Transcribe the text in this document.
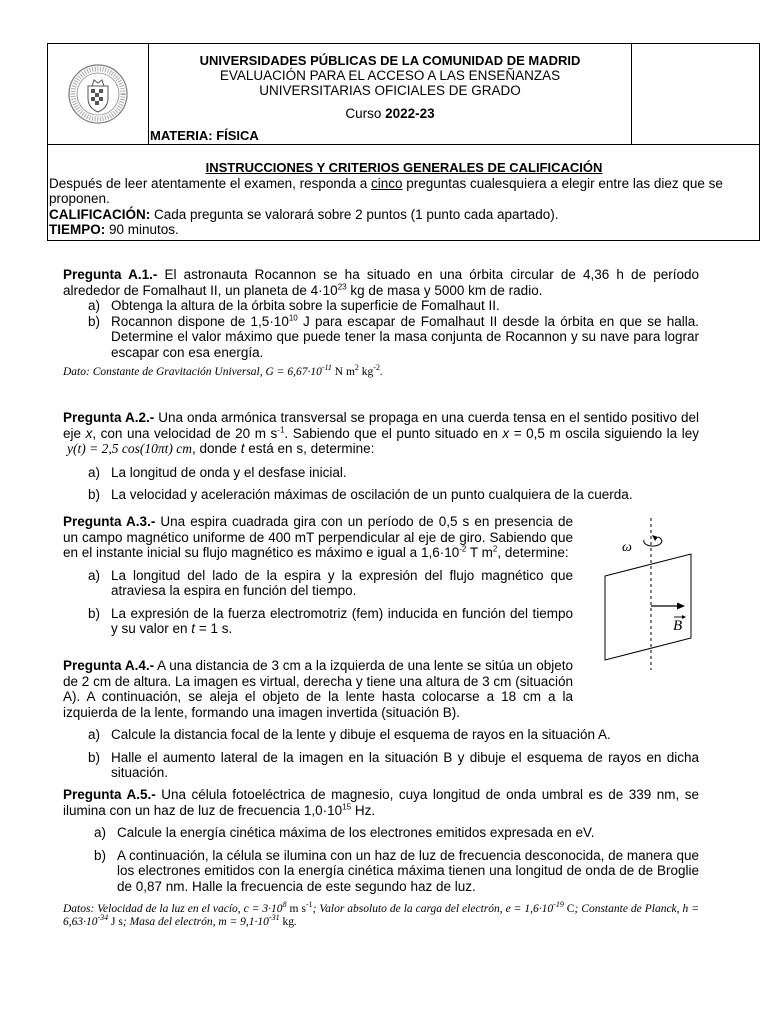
UNIVERSIDADES PÚBLICAS DE LA COMUNIDAD DE MADRID
EVALUACIÓN PARA EL ACCESO A LAS ENSEÑANZAS
UNIVERSITARIAS OFICIALES DE GRADO
Curso 2022-23
MATERIA: FÍSICA
INSTRUCCIONES Y CRITERIOS GENERALES DE CALIFICACIÓN
Después de leer atentamente el examen, responda a cinco preguntas cualesquiera a elegir entre las diez que se proponen.
CALIFICACIÓN: Cada pregunta se valorará sobre 2 puntos (1 punto cada apartado).
TIEMPO: 90 minutos.
Pregunta A.1.- El astronauta Rocannon se ha situado en una órbita circular de 4,36 h de período alrededor de Fomalhaut II, un planeta de $4\cdot 10^{23}$ kg de masa y 5000 km de radio.
a) Obtenga la altura de la órbita sobre la superficie de Fomalhaut II.
b) Rocannon dispone de $1,5\cdot 10^{10}$ J para escapar de Fomalhaut II desde la órbita en que se halla. Determine el valor máximo que puede tener la masa conjunta de Rocannon y su nave para lograr escapar con esa energía.
Dato: Constante de Gravitación Universal, $G = 6,67\cdot 10^{-11}$ N $m^2$ $kg^{-2}$.
Pregunta A.2.- Una onda armónica transversal se propaga en una cuerda tensa en el sentido positivo del eje x, con una velocidad de 20 m $s^{-1}$. Sabiendo que el punto situado en x = 0,5 m oscila siguiendo la ley y(t) = 2,5 cos(10πt) cm, donde t está en s, determine:
a) La longitud de onda y el desfase inicial.
b) La velocidad y aceleración máximas de oscilación de un punto cualquiera de la cuerda.
Pregunta A.3.- Una espira cuadrada gira con un período de 0,5 s en presencia de un campo magnético uniforme de 400 mT perpendicular al eje de giro. Sabiendo que en el instante inicial su flujo magnético es máximo e igual a $1,6\cdot 10^{-2}$ T $m^2$, determine:
a) La longitud del lado de la espira y la expresión del flujo magnético que atraviesa la espira en función del tiempo.
b) La expresión de la fuerza electromotriz (fem) inducida en función del tiempo y su valor en t = 1 s.
ω
B
Pregunta A.4.- A una distancia de 3 cm a la izquierda de una lente se sitúa un objeto de 2 cm de altura. La imagen es virtual, derecha y tiene una altura de 3 cm (situación A). A continuación, se aleja el objeto de la lente hasta colocarse a 18 cm a la izquierda de la lente, formando una imagen invertida (situación B).
a) Calcule la distancia focal de la lente y dibuje el esquema de rayos en la situación A.
b) Halle el aumento lateral de la imagen en la situación B y dibuje el esquema de rayos en dicha situación.
Pregunta A.5.- Una célula fotoeléctrica de magnesio, cuya longitud de onda umbral es de 339 nm, se ilumina con un haz de luz de frecuencia $1,0\cdot 10^{15}$ Hz.
a) Calcule la energía cinética máxima de los electrones emitidos expresada en eV.
b) A continuación, la célula se ilumina con un haz de luz de frecuencia desconocida, de manera que los electrones emitidos con la energía cinética máxima tienen una longitud de onda de de Broglie de 0,87 nm. Halle la frecuencia de este segundo haz de luz.
Datos: Velocidad de la luz en el vacío, $c = 3\cdot 10^8$ m $s^{-1}$; Valor absoluto de la carga del electrón, $e = 1,6\cdot 10^{-19}$ C; Constante de Planck, $h = 6,63\cdot 10^{-34}$ J s; Masa del electrón, $m = 9,1\cdot 10^{-31}$ kg.
